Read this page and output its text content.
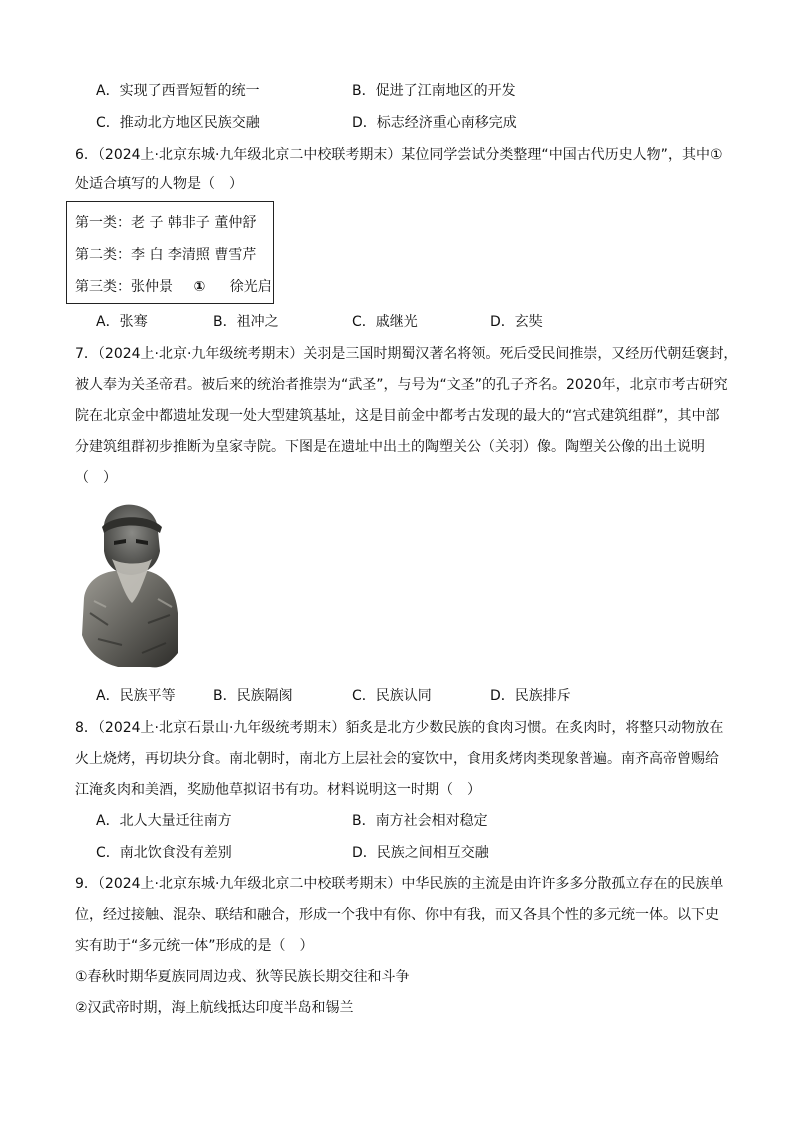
A．实现了西晋短暂的统一	B．促进了江南地区的开发
C．推动北方地区民族交融	D．标志经济重心南移完成
6．（2024上·北京东城·九年级北京二中校联考期末）某位同学尝试分类整理“中国古代历史人物”，其中①
处适合填写的人物是（　）
第一类：老 子 韩非子 董仲舒
第二类：李 白 李清照 曹雪芹
第三类：张仲景 ① 徐光启
A．张骞	B．祖冲之	C．戚继光	D．玄奘
7．（2024上·北京·九年级统考期末）关羽是三国时期蜀汉著名将领。死后受民间推崇，又经历代朝廷褒封，
被人奉为关圣帝君。被后来的统治者推崇为“武圣”，与号为“文圣”的孔子齐名。2020年，北京市考古研究
院在北京金中都遗址发现一处大型建筑基址，这是目前金中都考古发现的最大的“宫式建筑组群”，其中部
分建筑组群初步推断为皇家寺院。下图是在遗址中出土的陶塑关公（关羽）像。陶塑关公像的出土说明
（　）
A．民族平等	B．民族隔阂	C．民族认同	D．民族排斥
8．（2024上·北京石景山·九年级统考期末）貊炙是北方少数民族的食肉习惯。在炙肉时，将整只动物放在
火上烧烤，再切块分食。南北朝时，南北方上层社会的宴饮中，食用炙烤肉类现象普遍。南齐高帝曾赐给
江淹炙肉和美酒，奖励他草拟诏书有功。材料说明这一时期（　）
A．北人大量迁往南方	B．南方社会相对稳定
C．南北饮食没有差别	D．民族之间相互交融
9．（2024上·北京东城·九年级北京二中校联考期末）中华民族的主流是由许许多多分散孤立存在的民族单
位，经过接触、混杂、联结和融合，形成一个我中有你、你中有我，而又各具个性的多元统一体。以下史
实有助于“多元统一体”形成的是（　）
①春秋时期华夏族同周边戎、狄等民族长期交往和斗争
②汉武帝时期，海上航线抵达印度半岛和锡兰
